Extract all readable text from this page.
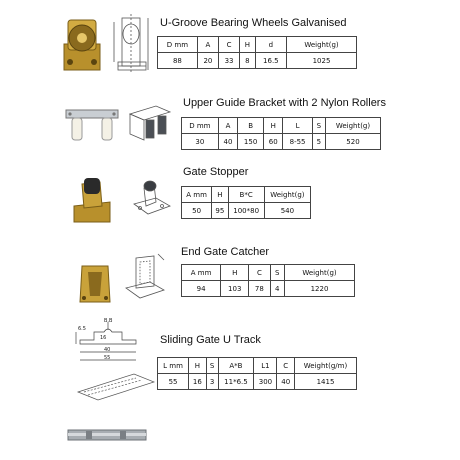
U-Groove Bearing Wheels Galvanised
D mm	A	C	H	d	Weight(g)
88	20	33	8	16.5	1025
Upper Guide Bracket with 2 Nylon Rollers
D mm	A	B	H	L	S	Weight(g)
30	40	150	60	8-55	5	520
Gate Stopper
A mm	H	B*C	Weight(g)
50	95	100*80	540
End Gate Catcher
A mm	H	C	S	Weight(g)
94	103	78	4	1220
Sliding Gate U Track
B.B
6.5
16
40
55
L mm	H	S	A*B	L1	C	Weight(g/m)
55	16	3	11*6.5	300	40	1415
